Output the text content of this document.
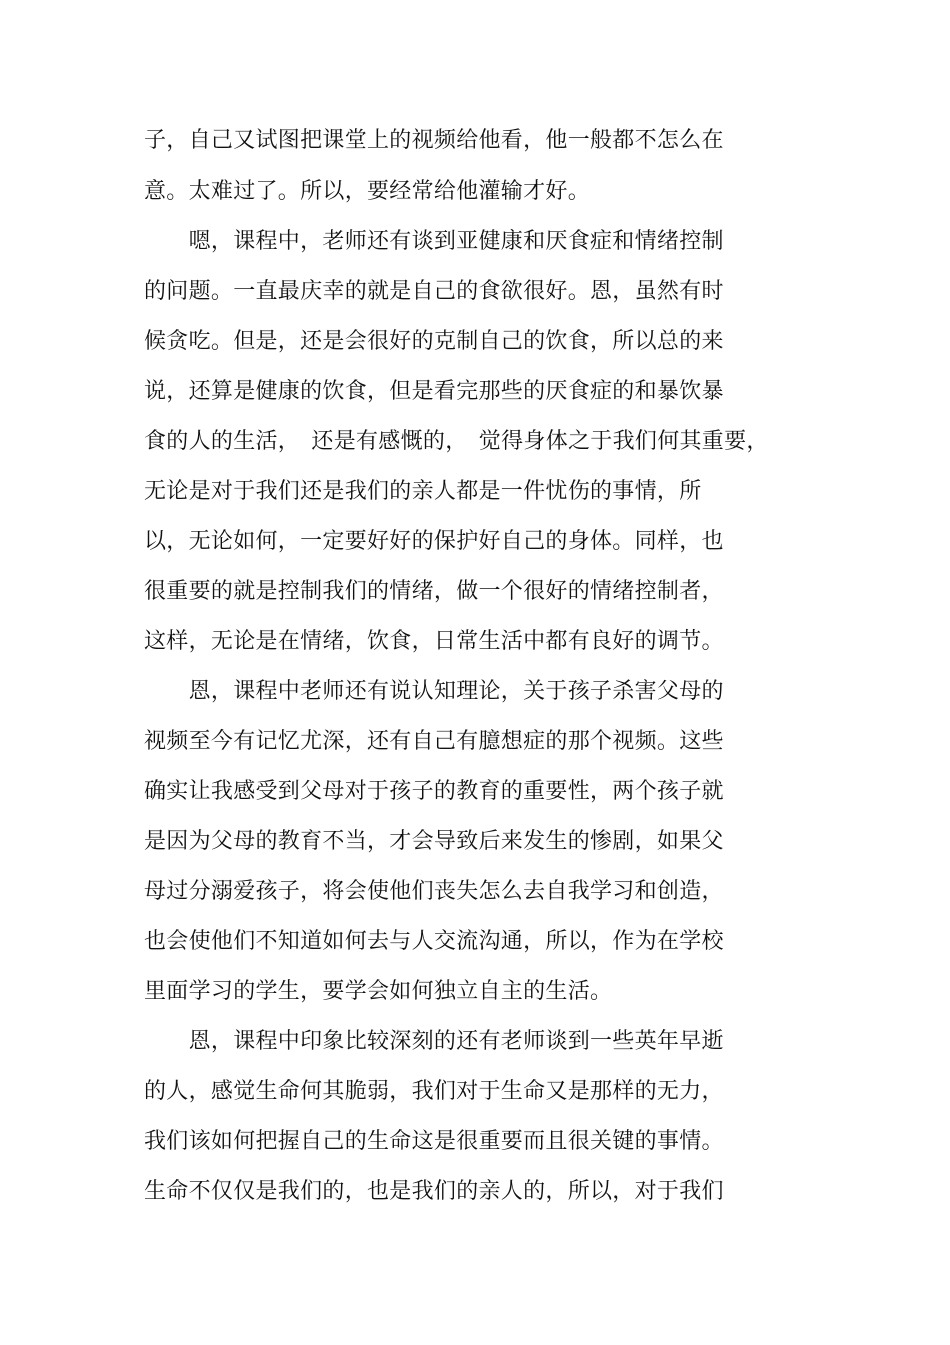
子，自己又试图把课堂上的视频给他看，他一般都不怎么在
意。太难过了。所以，要经常给他灌输才好。
　　嗯，课程中，老师还有谈到亚健康和厌食症和情绪控制
的问题。一直最庆幸的就是自己的食欲很好。恩，虽然有时
候贪吃。但是，还是会很好的克制自己的饮食，所以总的来
说，还算是健康的饮食，但是看完那些的厌食症的和暴饮暴
食的人的生活，　还是有感慨的，　觉得身体之于我们何其重要，
无论是对于我们还是我们的亲人都是一件忧伤的事情，所
以，无论如何，一定要好好的保护好自己的身体。同样，也
很重要的就是控制我们的情绪，做一个很好的情绪控制者，
这样，无论是在情绪，饮食，日常生活中都有良好的调节。
　　恩，课程中老师还有说认知理论，关于孩子杀害父母的
视频至今有记忆尤深，还有自己有臆想症的那个视频。这些
确实让我感受到父母对于孩子的教育的重要性，两个孩子就
是因为父母的教育不当，才会导致后来发生的惨剧，如果父
母过分溺爱孩子，将会使他们丧失怎么去自我学习和创造，
也会使他们不知道如何去与人交流沟通，所以，作为在学校
里面学习的学生，要学会如何独立自主的生活。
　　恩，课程中印象比较深刻的还有老师谈到一些英年早逝
的人，感觉生命何其脆弱，我们对于生命又是那样的无力，
我们该如何把握自己的生命这是很重要而且很关键的事情。
生命不仅仅是我们的，也是我们的亲人的，所以，对于我们
